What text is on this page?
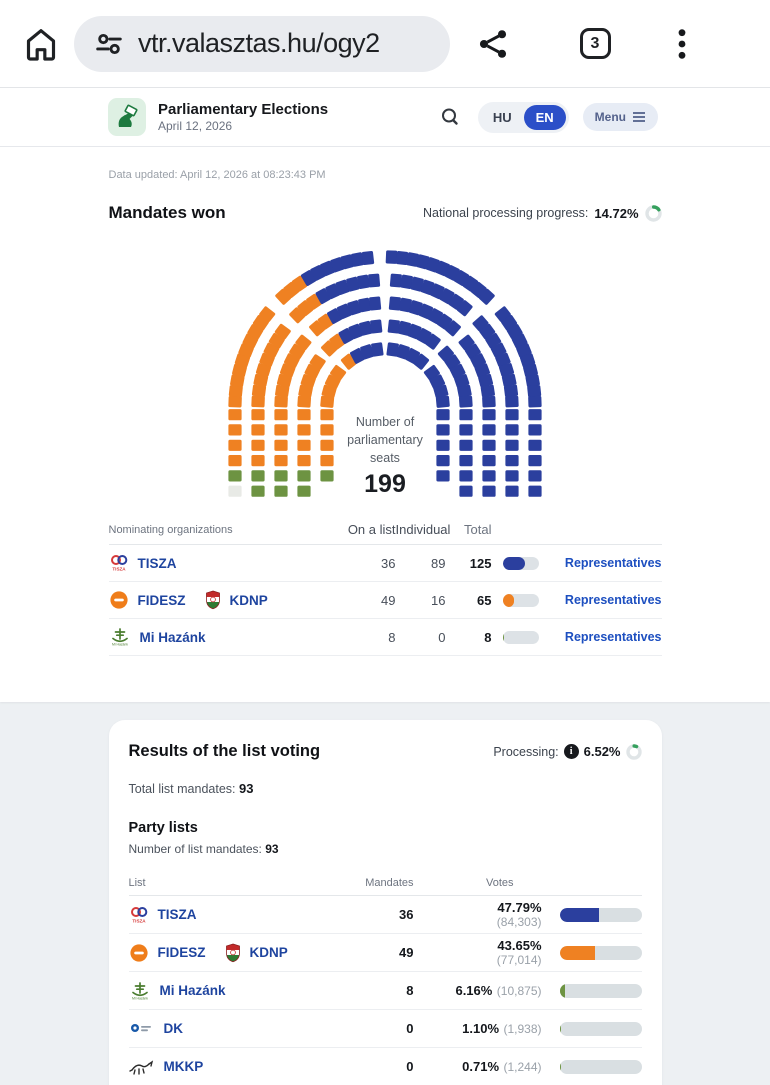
vtr.valasztas.hu/ogy2	3
Parliamentary Elections
April 12, 2026
HU	EN	Menu
Data updated: April 12, 2026 at 08:23:43 PM
Mandates won	National processing progress: 14.72%
Number of
parliamentary
seats
199
Nominating organizations	On a list Individual	Total
TISZA TISZA	36	89	125	Representatives
FIDESZ	KDNP	49	16	65	Representatives
Mi Hazánk
Mi Hazánk	8	0	8	Representatives
Results of the list voting	Processing:	i 6.52%
Total list mandates: 93
Party lists
Number of list mandates: 93
List	Mandates	Votes
TISZA TISZA	36	47.79%
(84,303)
FIDESZ	KDNP	49	43.65%
(77,014)
Mi Hazánk
Mi Hazánk	8	6.16% (10,875)
DK	0	1.10% (1,938)
MKKP	0	0.71% (1,244)
